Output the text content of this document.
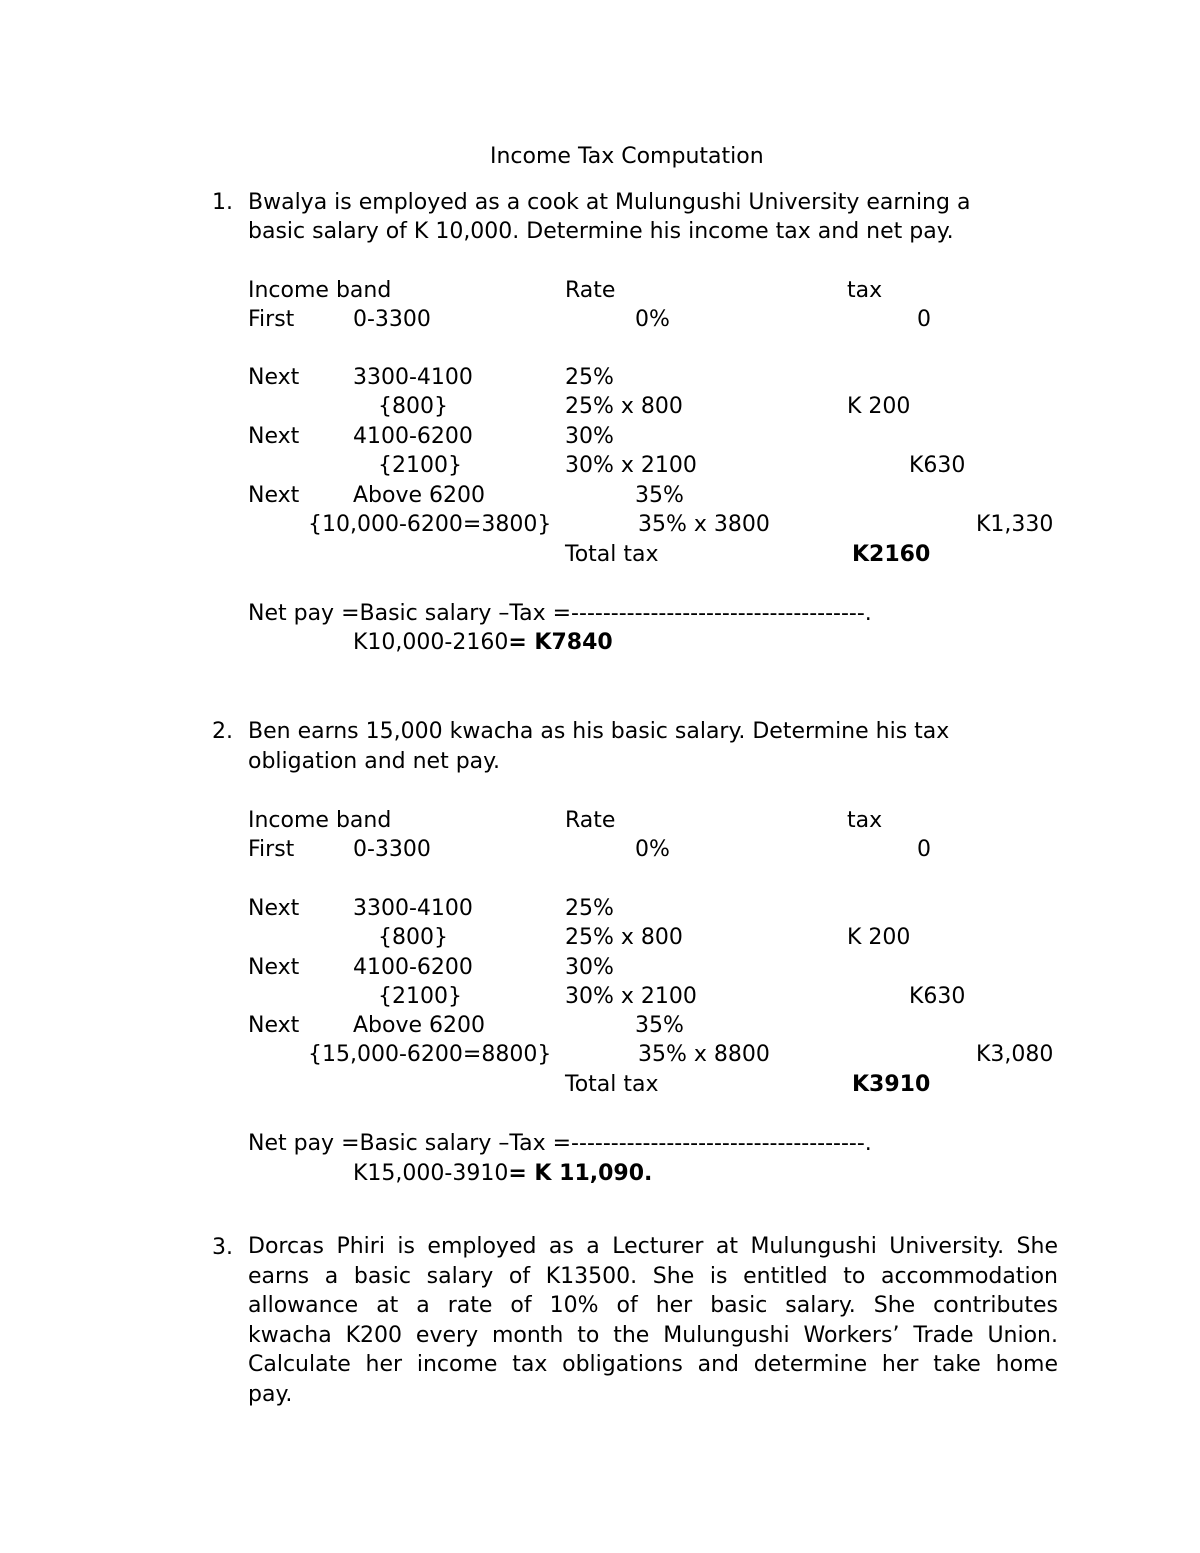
Income Tax Computation
1. Bwalya is employed as a cook at Mulungushi University earning a
basic salary of K 10,000. Determine his income tax and net pay.
Income band	Rate	tax
First	0-3300	0%	0
Next 3300-4100	25%
{800}	25% x 800	K 200
Next 4100-6200	30%
{2100}	30% x 2100	K630
Next Above 6200	35%
{10,000-6200=3800}	35% x 3800	K1,330
Total tax	K2160
Net pay =Basic salary –Tax =-------------------------------------.
K10,000-2160= K7840
2. Ben earns 15,000 kwacha as his basic salary. Determine his tax
obligation and net pay.
Income band	Rate	tax
First	0-3300	0%	0
Next 3300-4100	25%
{800}	25% x 800	K 200
Next 4100-6200	30%
{2100}	30% x 2100	K630
Next Above 6200	35%
{15,000-6200=8800}	35% x 8800	K3,080
Total tax	K3910
Net pay =Basic salary –Tax =-------------------------------------.
K15,000-3910= K 11,090.
3. Dorcas Phiri is employed as a Lecturer at Mulungushi University. She
earns a basic salary of K13500. She is entitled to accommodation
allowance at a rate of 10% of her basic salary. She contributes
kwacha K200 every month to the Mulungushi Workers’ Trade Union.
Calculate her income tax obligations and determine her take home
pay.
